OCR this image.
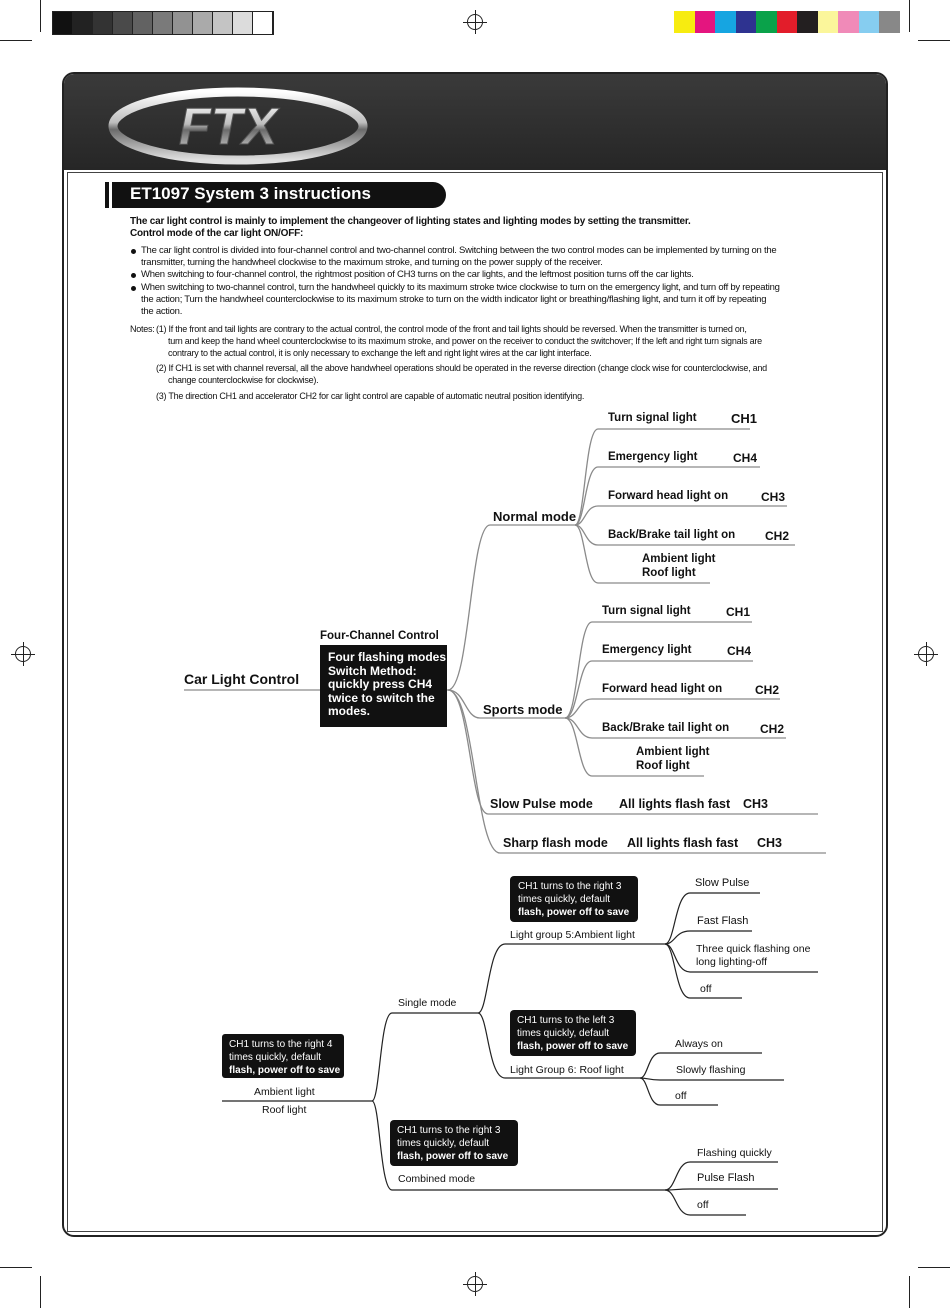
FTX
ET1097 System 3 instructions
The car light control is mainly to implement the changeover of lighting states and lighting modes by setting the transmitter.
Control mode of the car light ON/OFF:
The car light control is divided into four-channel control and two-channel control. Switching between the two control modes can be implemented by turning on the
transmitter, turning the handwheel clockwise to the maximum stroke, and turning on the power supply of the receiver.
When switching to four-channel control, the rightmost position of CH3 turns on the car lights, and the leftmost position turns off the car lights.
When switching to two-channel control, turn the handwheel quickly to its maximum stroke twice clockwise to turn on the emergency light, and turn off by repeating
the action; Turn the handwheel counterclockwise to its maximum stroke to turn on the width indicator light or breathing/flashing light, and turn it off by repeating
the action.
Notes: (1) If the front and tail lights are contrary to the actual control, the control mode of the front and tail lights should be reversed. When the transmitter is turned on,
turn and keep the hand wheel counterclockwise to its maximum stroke, and power on the receiver to conduct the switchover; If the left and right turn signals are
contrary to the actual control, it is only necessary to exchange the left and right light wires at the car light interface.
(2) If CH1 is set with channel reversal, all the above handwheel operations should be operated in the reverse direction (change clock wise for counterclockwise, and
change counterclockwise for clockwise).
(3) The direction CH1 and accelerator CH2 for car light control are capable of automatic neutral position identifying.
Car Light Control
Four-Channel Control
Four flashing modes
Switch Method:
quickly press CH4
twice to switch the
modes.
Normal mode
Turn signal light	CH1
Emergency light	CH4
Forward head light on	CH3
Back/Brake tail light on CH2
Ambient light
Roof light
Sports mode
Turn signal light	CH1
Emergency light	CH4
Forward head light on	CH2
Back/Brake tail light on	CH2
Ambient light
Roof light
Slow Pulse mode All lights flash fast CH3
Sharp flash mode All lights flash fast CH3
CH1 turns to the right 4
times quickly, default
flash, power off to save
Ambient light
Roof light
Single mode
Combined mode
CH1 turns to the right 3
times quickly, default
flash, power off to save
Light group 5:Ambient light
Slow Pulse
Fast Flash
Three quick flashing one
long lighting-off
off
CH1 turns to the left 3
times quickly, default
flash, power off to save
Light Group 6: Roof light
Always on
Slowly flashing
off
CH1 turns to the right 3
times quickly, default
flash, power off to save	Flashing quickly
Pulse Flash
off
